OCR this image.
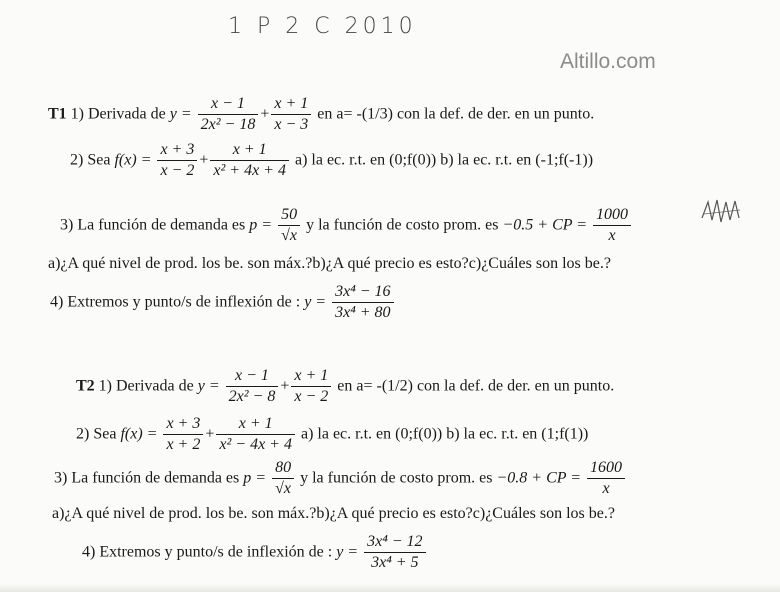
1 P 2 C 2010
Altillo.com
T1 1) Derivada de $y = \frac{x - 1}{\text{2x² − 18}} + \frac{x + 1}{x - 3}$ en a= -(1/3) con la def. de der. en un punto.
2) Sea $f(x) = \frac{x + 3}{x - 2} + \frac{x + 1}{\text{x² + 4x + 4}} a$) la ec. r.t. en (0;f(0)) b) la ec. r.t. en (-1;f(-1))
3) La función de demanda es $p = \frac{50}{√x}$ y la función de costo prom. es −0.5 + CP = $\frac{1000}{x}$
a)¿A qué nivel de prod. los be. son máx.?b)¿A qué precio es esto?c)¿Cuáles son los be.?
4) Extremos y punto/s de inflexión de : $y = \frac{\text{3x⁴ − 16}}{\text{3x⁴ + 80}}$
T2 1) Derivada de $y = \frac{x - 1}{\text{2x² − 8}} + \frac{x + 1}{x - 2}$ en a= -(1/2) con la def. de der. en un punto.
2) Sea $f(x) = \frac{x + 3}{x + 2} + \frac{x + 1}{\text{x² − 4x + 4}} a$) la ec. r.t. en (0;f(0)) b) la ec. r.t. en (1;f(1))
3) La función de demanda es $p = \frac{80}{√x}$ y la función de costo prom. es −0.8 + CP = $\frac{1600}{x}$
a)¿A qué nivel de prod. los be. son máx.?b)¿A qué precio es esto?c)¿Cuáles son los be.?
4) Extremos y punto/s de inflexión de : $y = \frac{\text{3x⁴ − 12}}{\text{3x⁴ + 5}}$
